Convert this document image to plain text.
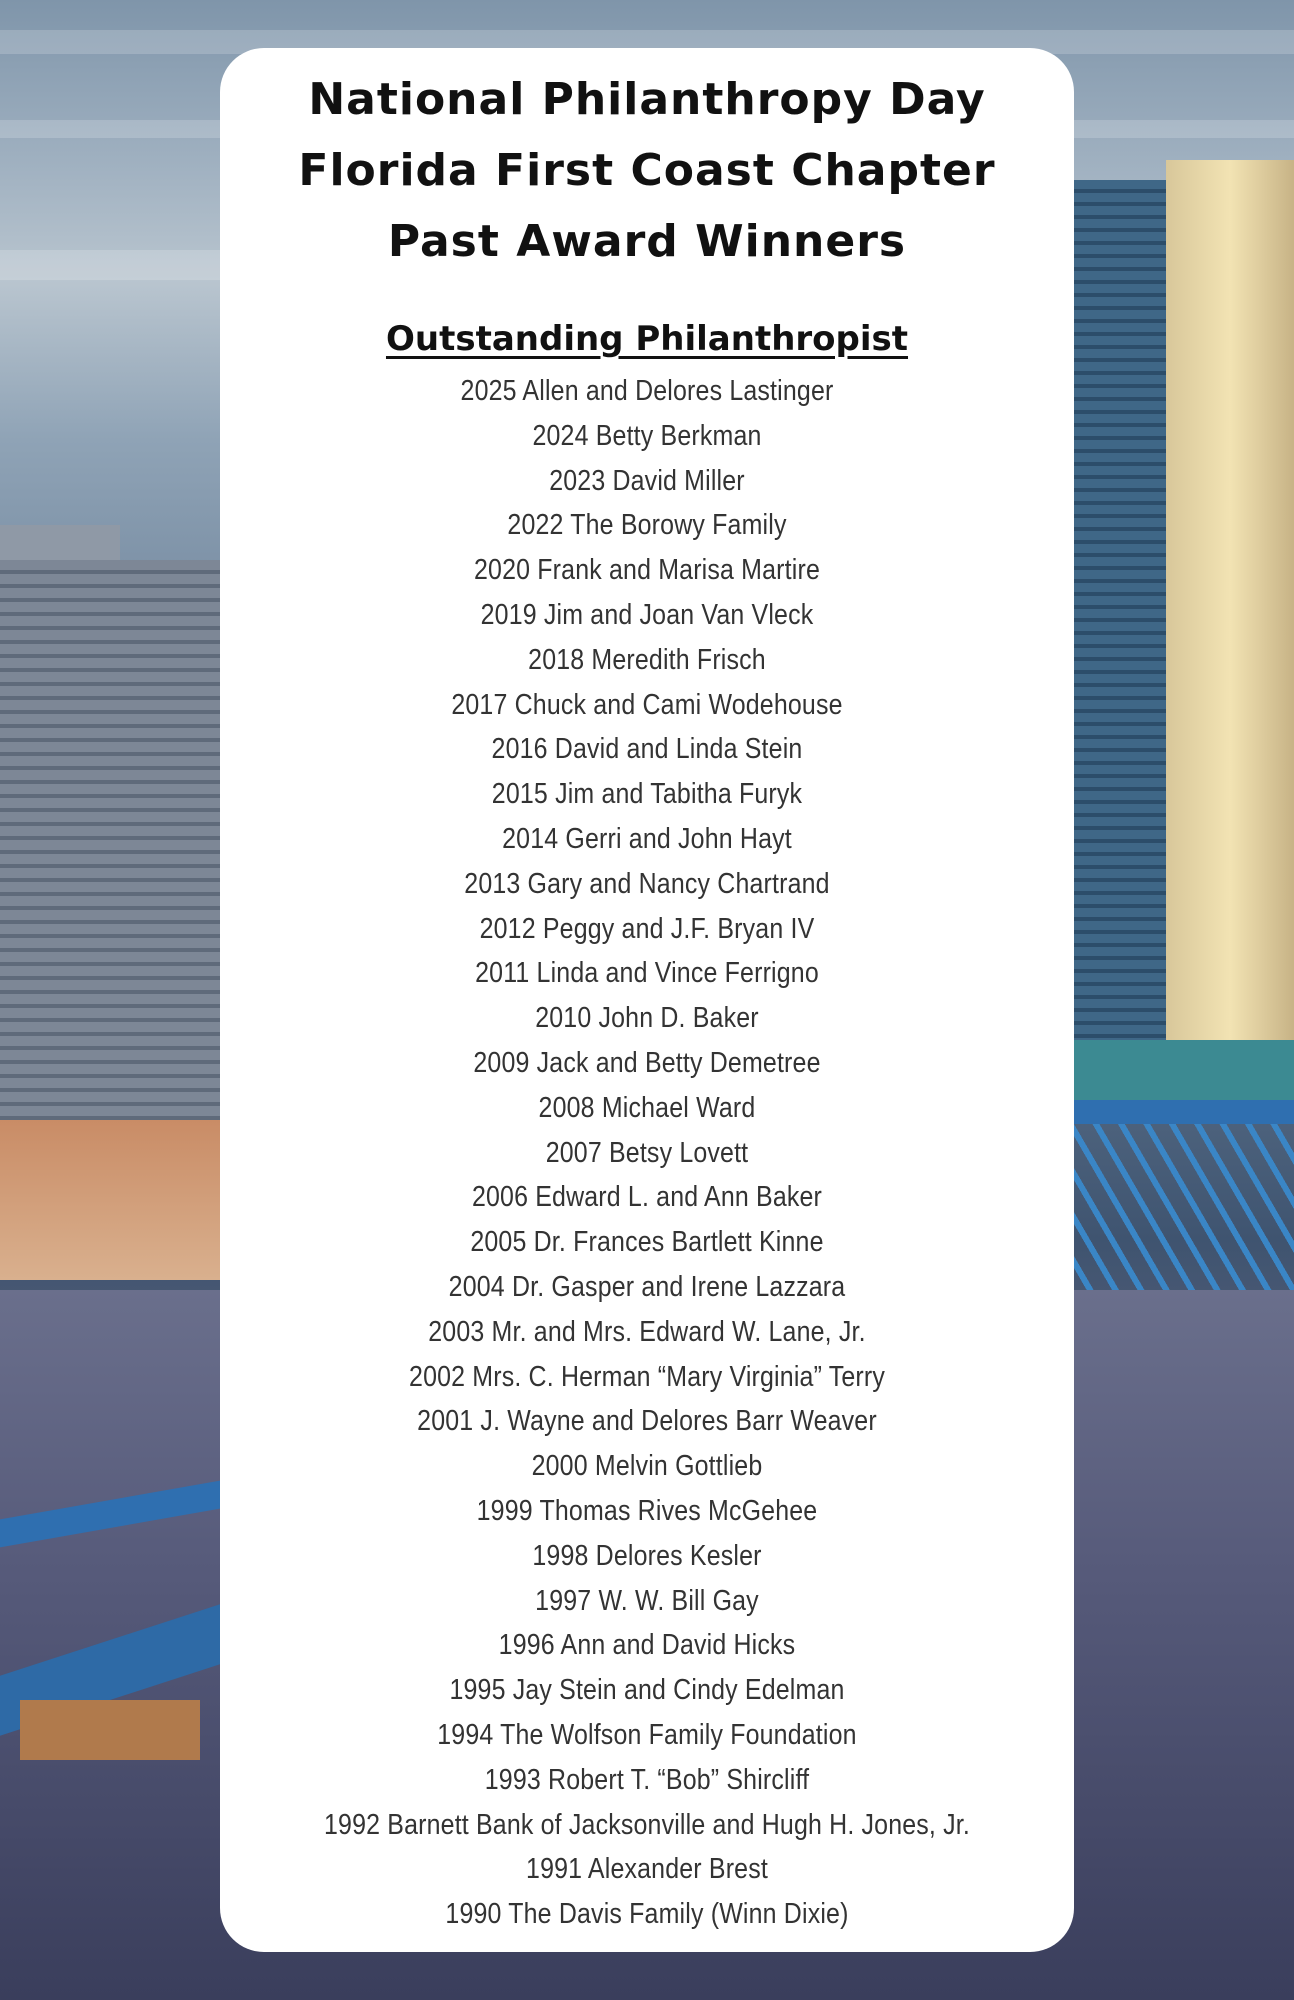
National Philanthropy Day
Florida First Coast Chapter
Past Award Winners
Outstanding Philanthropist
2025 Allen and Delores Lastinger
2024 Betty Berkman
2023 David Miller
2022 The Borowy Family
2020 Frank and Marisa Martire
2019 Jim and Joan Van Vleck
2018 Meredith Frisch
2017 Chuck and Cami Wodehouse
2016 David and Linda Stein
2015 Jim and Tabitha Furyk
2014 Gerri and John Hayt
2013 Gary and Nancy Chartrand
2012 Peggy and J.F. Bryan IV
2011 Linda and Vince Ferrigno
2010 John D. Baker
2009 Jack and Betty Demetree
2008 Michael Ward
2007 Betsy Lovett
2006 Edward L. and Ann Baker
2005 Dr. Frances Bartlett Kinne
2004 Dr. Gasper and Irene Lazzara
2003 Mr. and Mrs. Edward W. Lane, Jr.
2002 Mrs. C. Herman “Mary Virginia” Terry
2001 J. Wayne and Delores Barr Weaver
2000 Melvin Gottlieb
1999 Thomas Rives McGehee
1998 Delores Kesler
1997 W. W. Bill Gay
1996 Ann and David Hicks
1995 Jay Stein and Cindy Edelman
1994 The Wolfson Family Foundation
1993 Robert T. “Bob” Shircliff
1992 Barnett Bank of Jacksonville and Hugh H. Jones, Jr.
1991 Alexander Brest
1990 The Davis Family (Winn Dixie)
